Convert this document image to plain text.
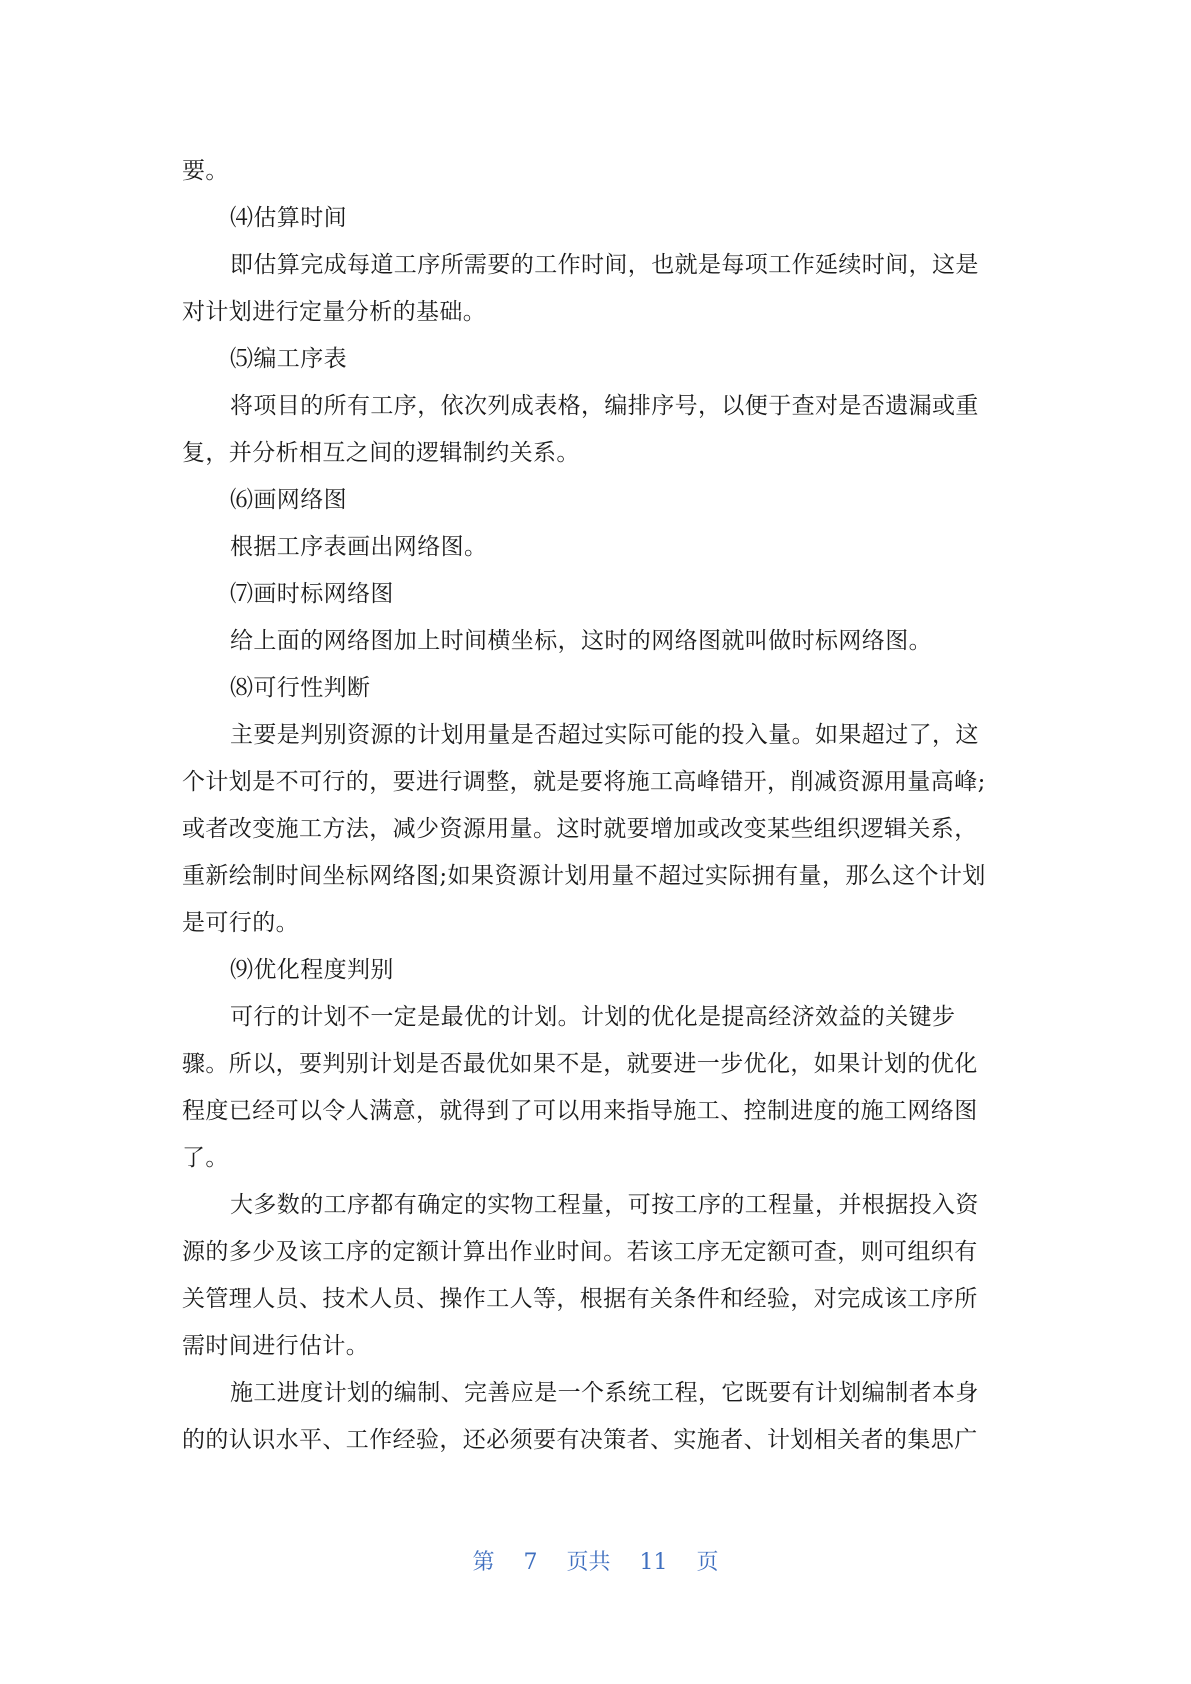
要。
⑷估算时间
即估算完成每道工序所需要的工作时间，也就是每项工作延续时间，这是
对计划进行定量分析的基础。
⑸编工序表
将项目的所有工序，依次列成表格，编排序号，以便于查对是否遗漏或重
复，并分析相互之间的逻辑制约关系。
⑹画网络图
根据工序表画出网络图。
⑺画时标网络图
给上面的网络图加上时间横坐标，这时的网络图就叫做时标网络图。
⑻可行性判断
主要是判别资源的计划用量是否超过实际可能的投入量。如果超过了，这
个计划是不可行的，要进行调整，就是要将施工高峰错开，削减资源用量高峰;
或者改变施工方法，减少资源用量。这时就要增加或改变某些组织逻辑关系，
重新绘制时间坐标网络图;如果资源计划用量不超过实际拥有量，那么这个计划
是可行的。
⑼优化程度判别
可行的计划不一定是最优的计划。计划的优化是提高经济效益的关键步
骤。所以，要判别计划是否最优如果不是，就要进一步优化，如果计划的优化
程度已经可以令人满意，就得到了可以用来指导施工、控制进度的施工网络图
了。
大多数的工序都有确定的实物工程量，可按工序的工程量，并根据投入资
源的多少及该工序的定额计算出作业时间。若该工序无定额可查，则可组织有
关管理人员、技术人员、操作工人等，根据有关条件和经验，对完成该工序所
需时间进行估计。
施工进度计划的编制、完善应是一个系统工程，它既要有计划编制者本身
的的认识水平、工作经验，还必须要有决策者、实施者、计划相关者的集思广
第 7 页共 11 页
